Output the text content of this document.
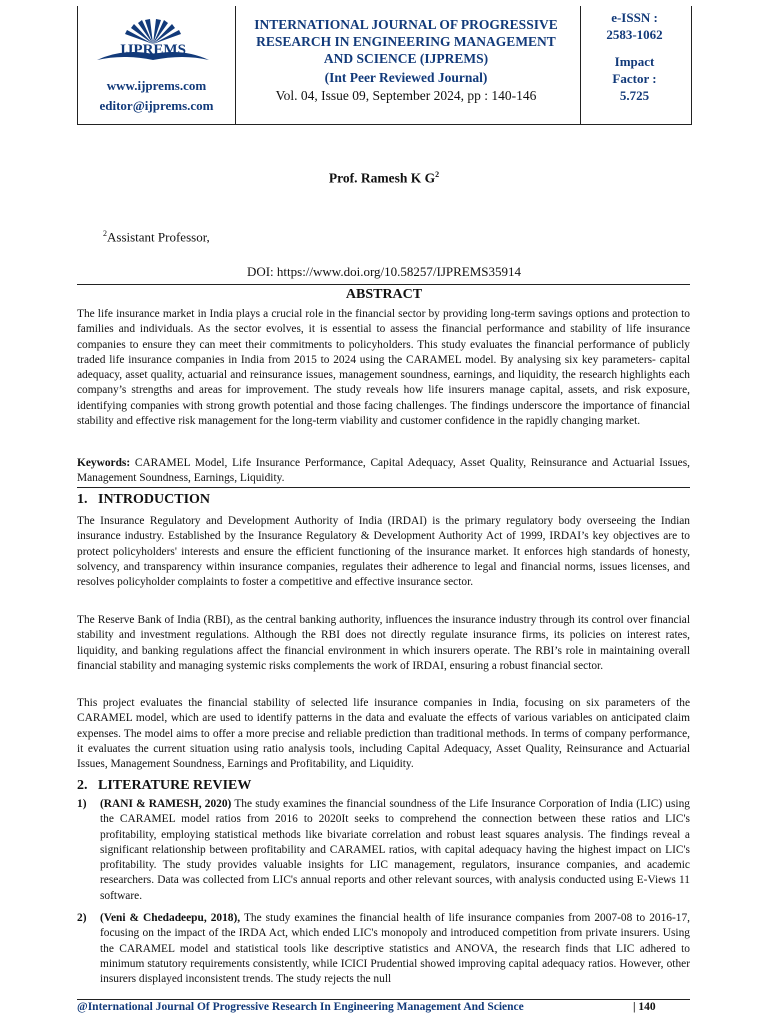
IJPREMS
www.ijprems.com
editor@ijprems.com
INTERNATIONAL JOURNAL OF PROGRESSIVE
RESEARCH IN ENGINEERING MANAGEMENT
AND SCIENCE (IJPREMS)
(Int Peer Reviewed Journal)
Vol. 04, Issue 09, September 2024, pp : 140-146
e-ISSN :
2583-1062
Impact
Factor :
5.725
Prof. Ramesh K $G^2$
$^2$Assistant Professor,
DOI: https://www.doi.org/10.58257/IJPREMS35914
ABSTRACT
The life insurance market in India plays a crucial role in the financial sector by providing long-term savings options and protection to families and individuals. As the sector evolves, it is essential to assess the financial performance and stability of life insurance companies to ensure they can meet their commitments to policyholders. This study evaluates the financial performance of publicly traded life insurance companies in India from 2015 to 2024 using the CARAMEL model. By analysing six key parameters- capital adequacy, asset quality, actuarial and reinsurance issues, management soundness, earnings, and liquidity, the research highlights each company’s strengths and areas for improvement. The study reveals how life insurers manage capital, assets, and risk exposure, identifying companies with strong growth potential and those facing challenges. The findings underscore the importance of financial stability and effective risk management for the long-term viability and customer confidence in the rapidly changing market.
Keywords: CARAMEL Model, Life Insurance Performance, Capital Adequacy, Asset Quality, Reinsurance and Actuarial Issues, Management Soundness, Earnings, Liquidity.
1.   INTRODUCTION
The Insurance Regulatory and Development Authority of India (IRDAI) is the primary regulatory body overseeing the Indian insurance industry. Established by the Insurance Regulatory & Development Authority Act of 1999, IRDAI’s key objectives are to protect policyholders' interests and ensure the efficient functioning of the insurance market. It enforces high standards of honesty, solvency, and transparency within insurance companies, regulates their adherence to legal and financial norms, issues licenses, and resolves policyholder complaints to foster a competitive and effective insurance sector.
The Reserve Bank of India (RBI), as the central banking authority, influences the insurance industry through its control over financial stability and investment regulations. Although the RBI does not directly regulate insurance firms, its policies on interest rates, liquidity, and banking regulations affect the financial environment in which insurers operate. The RBI’s role in maintaining overall financial stability and managing systemic risks complements the work of IRDAI, ensuring a robust financial sector.
This project evaluates the financial stability of selected life insurance companies in India, focusing on six parameters of the CARAMEL model, which are used to identify patterns in the data and evaluate the effects of various variables on anticipated claim expenses. The model aims to offer a more precise and reliable prediction than traditional methods. In terms of company performance, it evaluates the current situation using ratio analysis tools, including Capital Adequacy, Asset Quality, Reinsurance and Actuarial Issues, Management Soundness, Earnings and Profitability, and Liquidity.
2.   LITERATURE REVIEW
1) (RANI & RAMESH, 2020) The study examines the financial soundness of the Life Insurance Corporation of India (LIC) using the CARAMEL model ratios from 2016 to 2020It seeks to comprehend the connection between these ratios and LIC's profitability, employing statistical methods like bivariate correlation and robust least squares analysis. The findings reveal a significant relationship between profitability and CARAMEL ratios, with capital adequacy having the highest impact on LIC's profitability. The study provides valuable insights for LIC management, regulators, insurance companies, and academic researchers. Data was collected from LIC's annual reports and other relevant sources, with analysis conducted using E-Views 11 software.
2) (Veni & Chedadeepu, 2018), The study examines the financial health of life insurance companies from 2007-08 to 2016-17, focusing on the impact of the IRDA Act, which ended LIC's monopoly and introduced competition from private insurers. Using the CARAMEL model and statistical tools like descriptive statistics and ANOVA, the research finds that LIC adhered to minimum statutory requirements consistently, while ICICI Prudential showed improving capital adequacy ratios. However, other insurers displayed inconsistent trends. The study rejects the null
@International Journal Of Progressive Research In Engineering Management And Science	| 140
